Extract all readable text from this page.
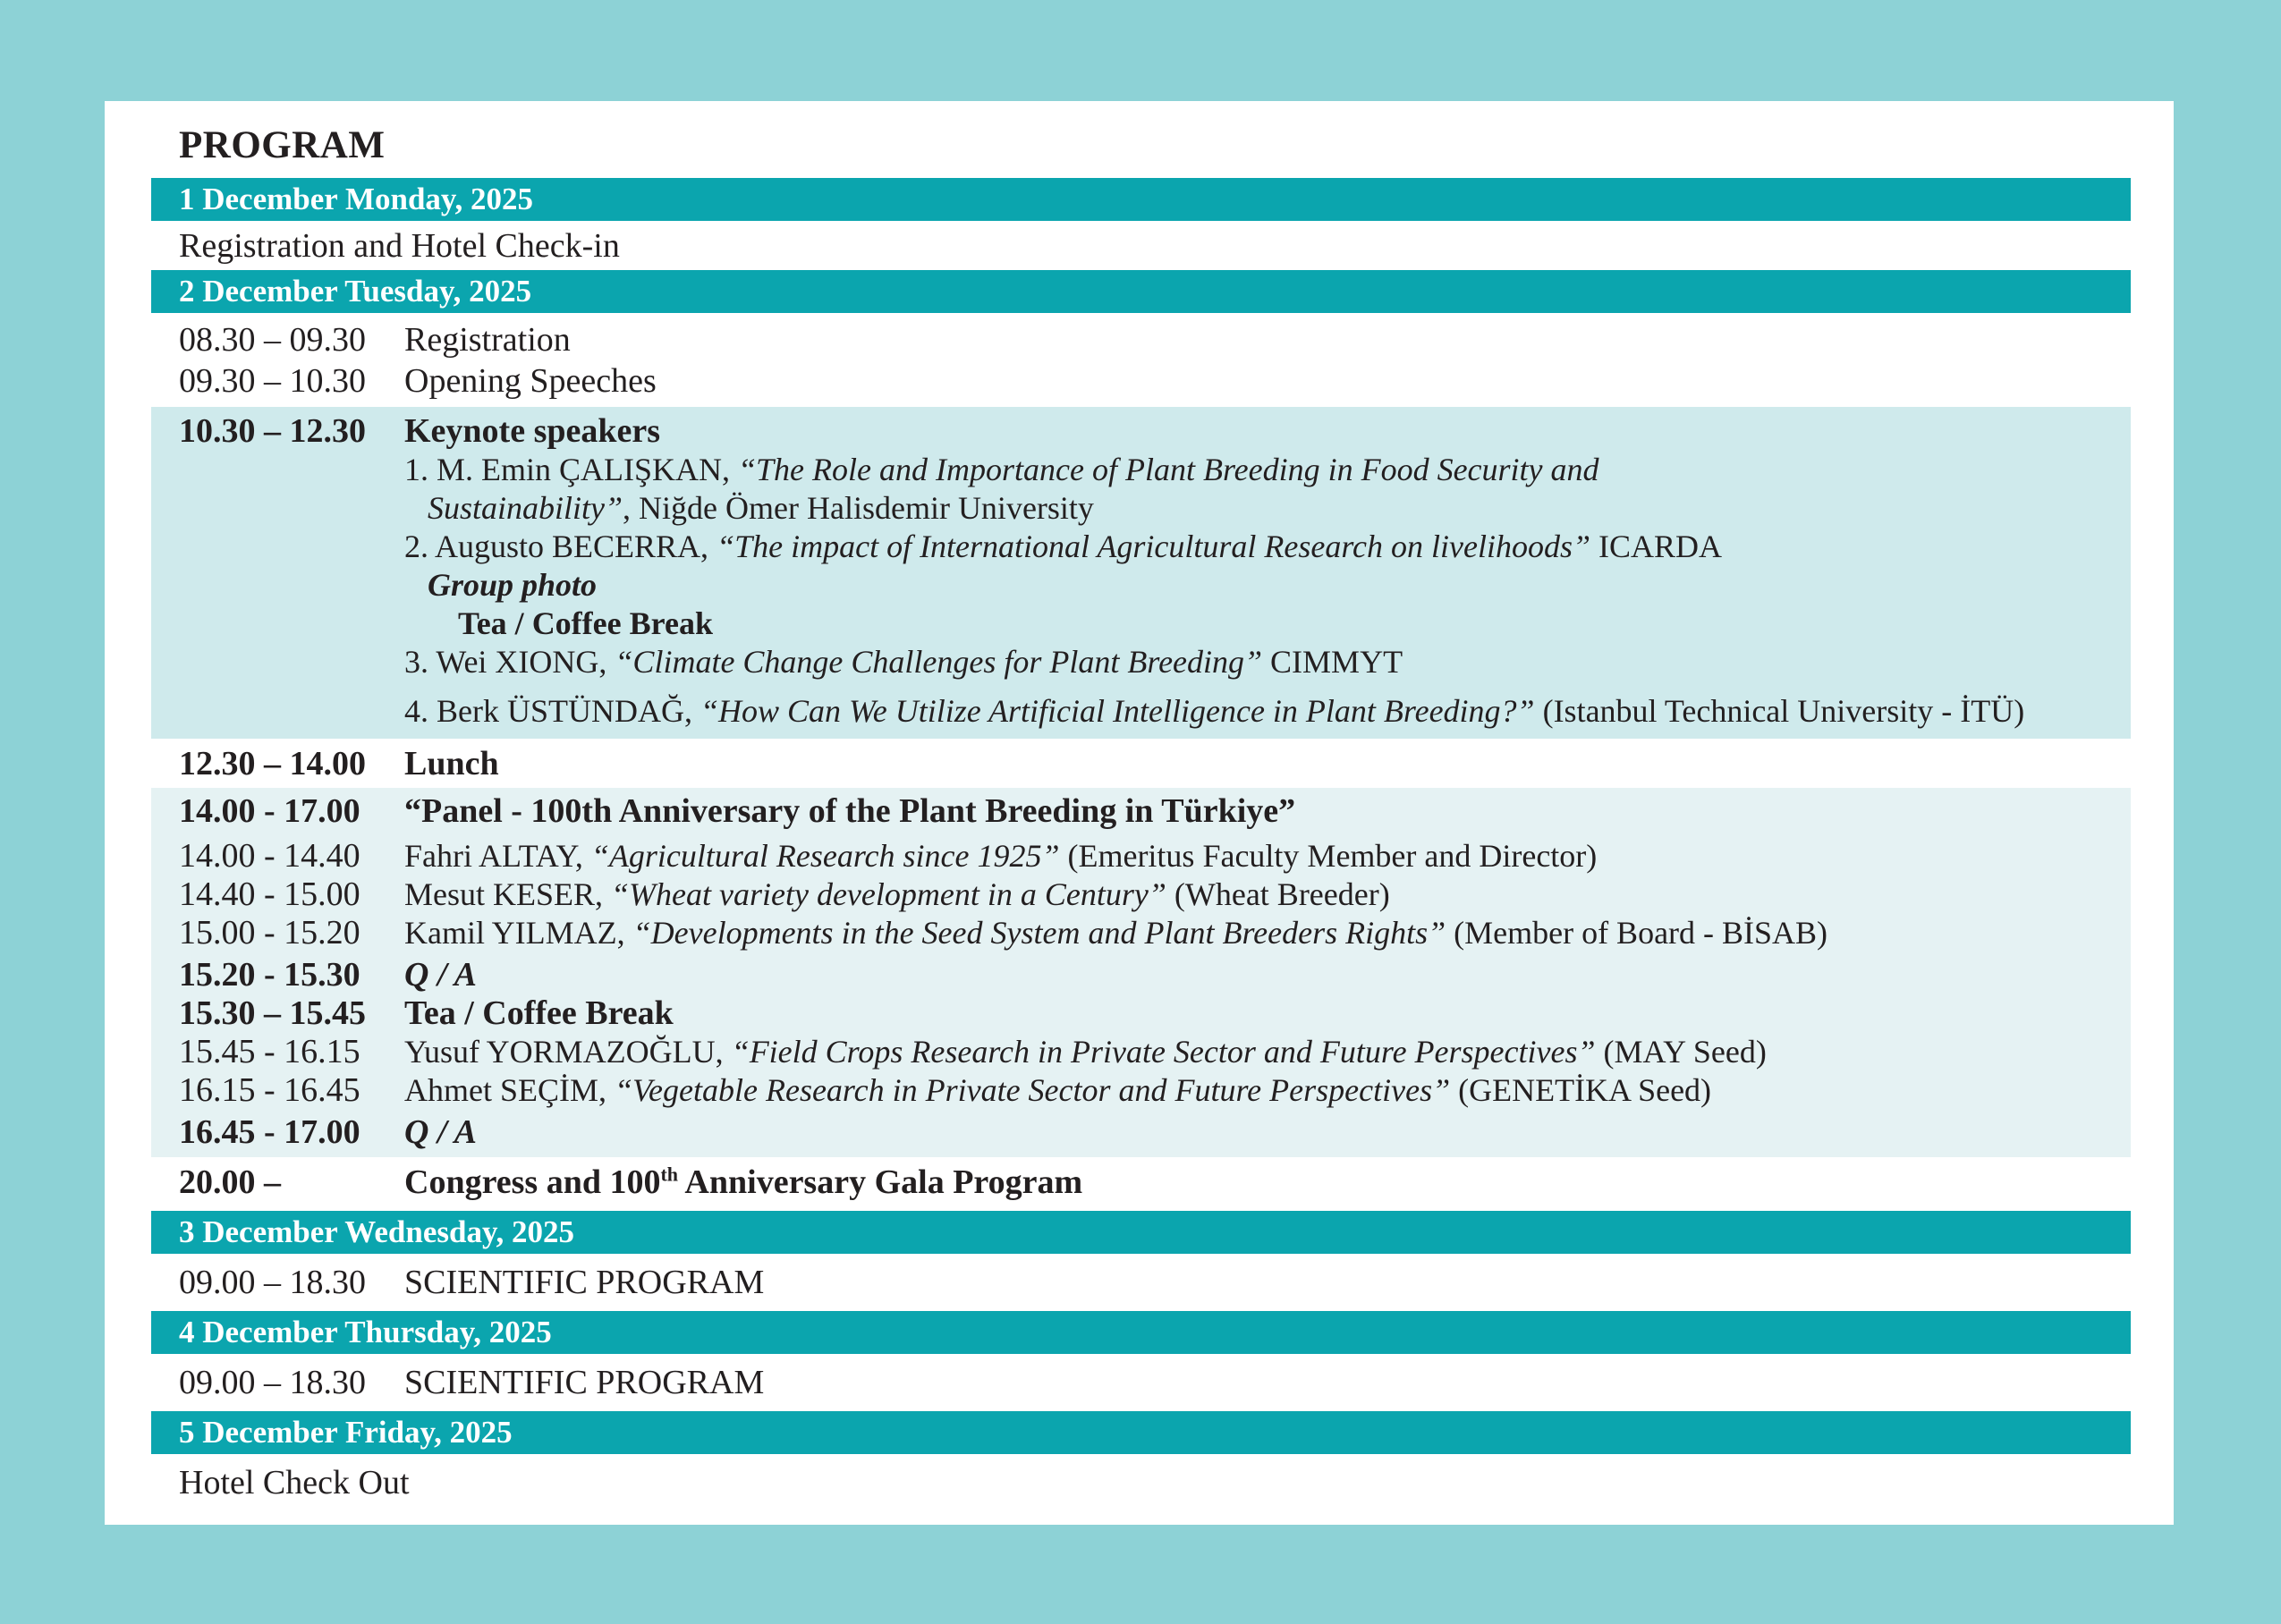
PROGRAM
1 December Monday, 2025
Registration and Hotel Check-in
2 December Tuesday, 2025
08.30 – 09.30	Registration
09.30 – 10.30	Opening Speeches
10.30 – 12.30	Keynote speakers
1. M. Emin ÇALIŞKAN, “The Role and Importance of Plant Breeding in Food Security and
Sustainability”, Niğde Ömer Halisdemir University
2. Augusto BECERRA, “The impact of International Agricultural Research on livelihoods” ICARDA
Group photo
Tea / Coffee Break
3. Wei XIONG, “Climate Change Challenges for Plant Breeding” CIMMYT
4. Berk ÜSTÜNDAĞ, “How Can We Utilize Artificial Intelligence in Plant Breeding?” (Istanbul Technical University - İTÜ)
12.30 – 14.00	Lunch
14.00 - 17.00	“Panel - 100th Anniversary of the Plant Breeding in Türkiye”
14.00 - 14.40	Fahri ALTAY, “Agricultural Research since 1925” (Emeritus Faculty Member and Director)
14.40 - 15.00	Mesut KESER, “Wheat variety development in a Century” (Wheat Breeder)
15.00 - 15.20	Kamil YILMAZ, “Developments in the Seed System and Plant Breeders Rights” (Member of Board - BİSAB)
15.20 - 15.30	Q / A
15.30 – 15.45	Tea / Coffee Break
15.45 - 16.15	Yusuf YORMAZOĞLU, “Field Crops Research in Private Sector and Future Perspectives” (MAY Seed)
16.15 - 16.45	Ahmet SEÇİM, “Vegetable Research in Private Sector and Future Perspectives” (GENETİKA Seed)
16.45 - 17.00	Q / A
20.00 –	Congress and 100th Anniversary Gala Program
3 December Wednesday, 2025
09.00 – 18.30	SCIENTIFIC PROGRAM
4 December Thursday, 2025
09.00 – 18.30	SCIENTIFIC PROGRAM
5 December Friday, 2025
Hotel Check Out
